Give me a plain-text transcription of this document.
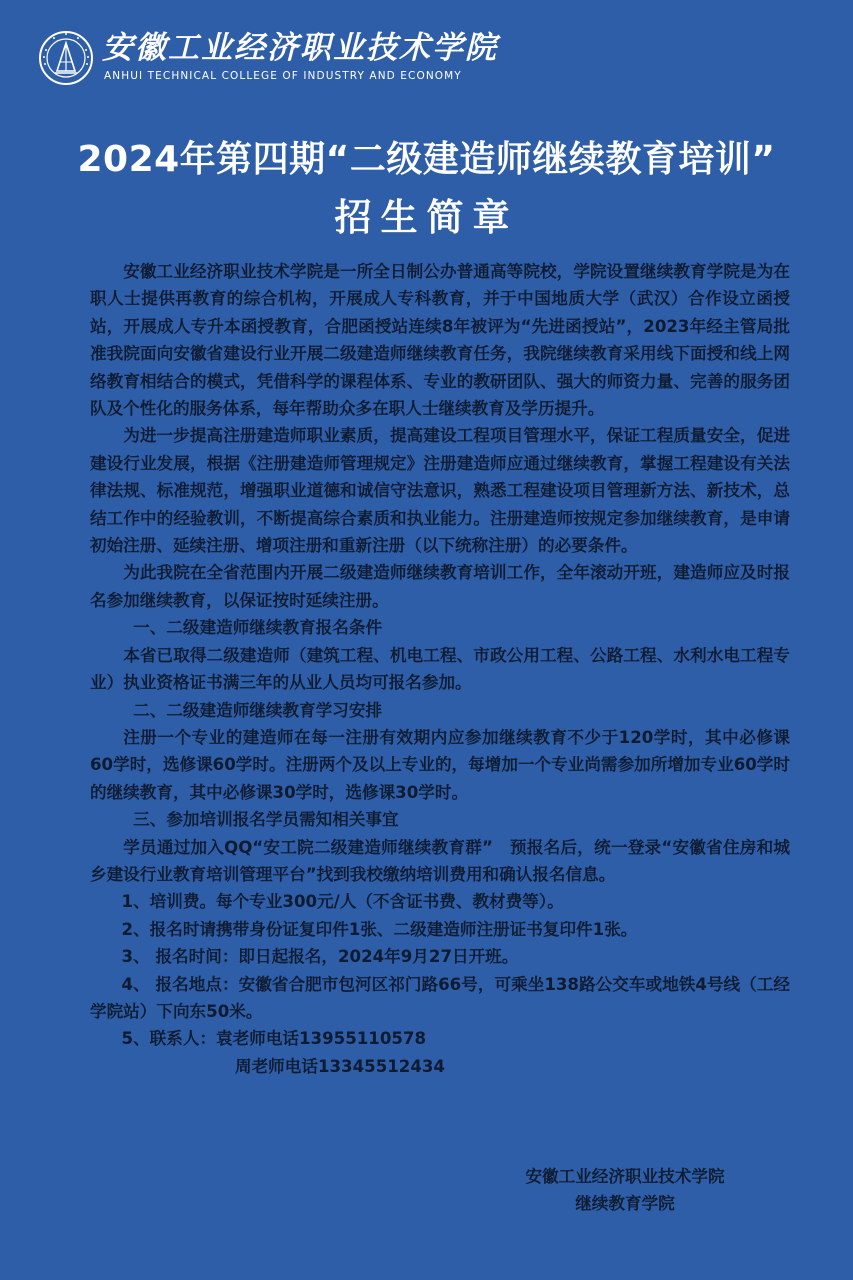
安徽工业经济职业技术学院
ANHUI TECHNICAL COLLEGE OF INDUSTRY AND ECONOMY
2024年第四期“二级建造师继续教育培训”
招生简章

安徽工业经济职业技术学院是一所全日制公办普通高等院校，学院设置继续教育学院是为在职人士提供再教育的综合机构，开展成人专科教育，并于中国地质大学（武汉）合作设立函授站，开展成人专升本函授教育，合肥函授站连续8年被评为“先进函授站”，2023年经主管局批准我院面向安徽省建设行业开展二级建造师继续教育任务，我院继续教育采用线下面授和线上网络教育相结合的模式，凭借科学的课程体系、专业的教研团队、强大的师资力量、完善的服务团队及个性化的服务体系，每年帮助众多在职人士继续教育及学历提升。

为进一步提高注册建造师职业素质，提高建设工程项目管理水平，保证工程质量安全，促进建设行业发展，根据《注册建造师管理规定》注册建造师应通过继续教育，掌握工程建设有关法律法规、标准规范，增强职业道德和诚信守法意识，熟悉工程建设项目管理新方法、新技术，总结工作中的经验教训，不断提高综合素质和执业能力。注册建造师按规定参加继续教育，是申请初始注册、延续注册、增项注册和重新注册（以下统称注册）的必要条件。

为此我院在全省范围内开展二级建造师继续教育培训工作，全年滚动开班，建造师应及时报名参加继续教育，以保证按时延续注册。

一、二级建造师继续教育报名条件

本省已取得二级建造师（建筑工程、机电工程、市政公用工程、公路工程、水利水电工程专业）执业资格证书满三年的从业人员均可报名参加。

二、二级建造师继续教育学习安排

注册一个专业的建造师在每一注册有效期内应参加继续教育不少于120学时，其中必修课60学时，选修课60学时。注册两个及以上专业的，每增加一个专业尚需参加所增加专业60学时的继续教育，其中必修课30学时，选修课30学时。

三、参加培训报名学员需知相关事宜

学员通过加入QQ“安工院二级建造师继续教育群”　预报名后，统一登录“安徽省住房和城乡建设行业教育培训管理平台”找到我校缴纳培训费用和确认报名信息。

1、培训费。每个专业300元/人（不含证书费、教材费等）。

2、报名时请携带身份证复印件1张、二级建造师注册证书复印件1张。

3、 报名时间：即日起报名，2024年9月27日开班。

4、 报名地点：安徽省合肥市包河区祁门路66号，可乘坐138路公交车或地铁4号线（工经学院站）下向东50米。

5、联系人：袁老师电话13955110578

周老师电话13345512434

安徽工业经济职业技术学院
继续教育学院
